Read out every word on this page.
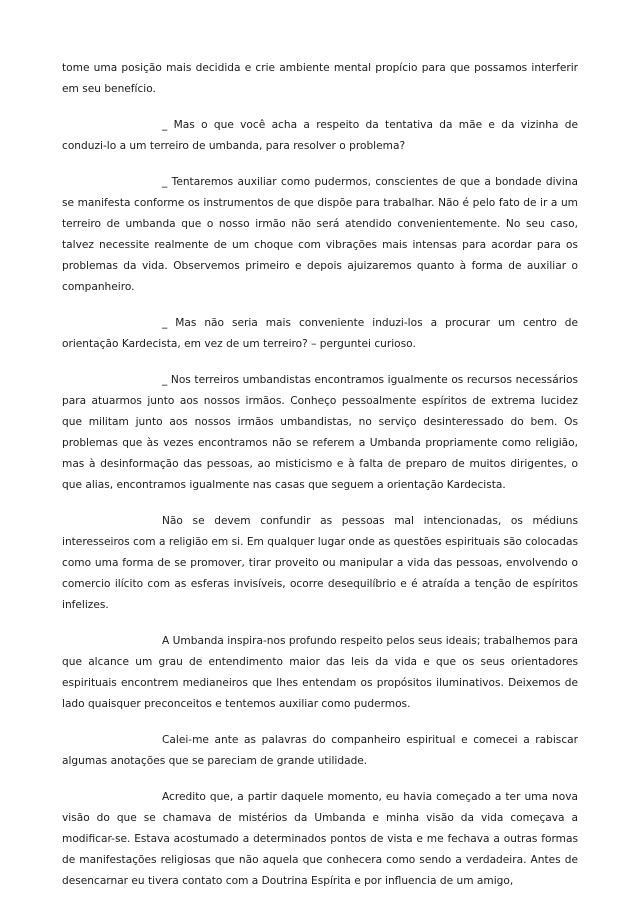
tome uma posição mais decidida e crie ambiente mental propício para que possamos interferir em seu benefício.

_ Mas o que você acha a respeito da tentativa da mãe e da vizinha de conduzi-lo a um terreiro de umbanda, para resolver o problema?

_ Tentaremos auxiliar como pudermos, conscientes de que a bondade divina se manifesta conforme os instrumentos de que dispõe para trabalhar. Não é pelo fato de ir a um terreiro de umbanda que o nosso irmão não será atendido convenientemente. No seu caso, talvez necessite realmente de um choque com vibrações mais intensas para acordar para os problemas da vida. Observemos primeiro e depois ajuizaremos quanto à forma de auxiliar o companheiro.

_ Mas não seria mais conveniente induzi-los a procurar um centro de orientação Kardecista, em vez de um terreiro? – perguntei curioso.

_ Nos terreiros umbandistas encontramos igualmente os recursos necessários para atuarmos junto aos nossos irmãos. Conheço pessoalmente espíritos de extrema lucidez que militam junto aos nossos irmãos umbandistas, no serviço desinteressado do bem. Os problemas que às vezes encontramos não se referem a Umbanda propriamente como religião, mas à desinformação das pessoas, ao misticismo e à falta de preparo de muitos dirigentes, o que alias, encontramos igualmente nas casas que seguem a orientação Kardecista.

Não se devem confundir as pessoas mal intencionadas, os médiuns interesseiros com a religião em si. Em qualquer lugar onde as questões espirituais são colocadas como uma forma de se promover, tirar proveito ou manipular a vida das pessoas, envolvendo o comercio ilícito com as esferas invisíveis, ocorre desequilíbrio e é atraída a tenção de espíritos infelizes.

A Umbanda inspira-nos profundo respeito pelos seus ideais; trabalhemos para que alcance um grau de entendimento maior das leis da vida e que os seus orientadores espirituais encontrem medianeiros que lhes entendam os propósitos iluminativos. Deixemos de lado quaisquer preconceitos e tentemos auxiliar como pudermos.

Calei-me ante as palavras do companheiro espiritual e comecei a rabiscar algumas anotações que se pareciam de grande utilidade.

Acredito que, a partir daquele momento, eu havia começado a ter uma nova visão do que se chamava de mistérios da Umbanda e minha visão da vida começava a modificar-se. Estava acostumado a determinados pontos de vista e me fechava a outras formas de manifestações religiosas que não aquela que conhecera como sendo a verdadeira. Antes de desencarnar eu tivera contato com a Doutrina Espírita e por influencia de um amigo,
